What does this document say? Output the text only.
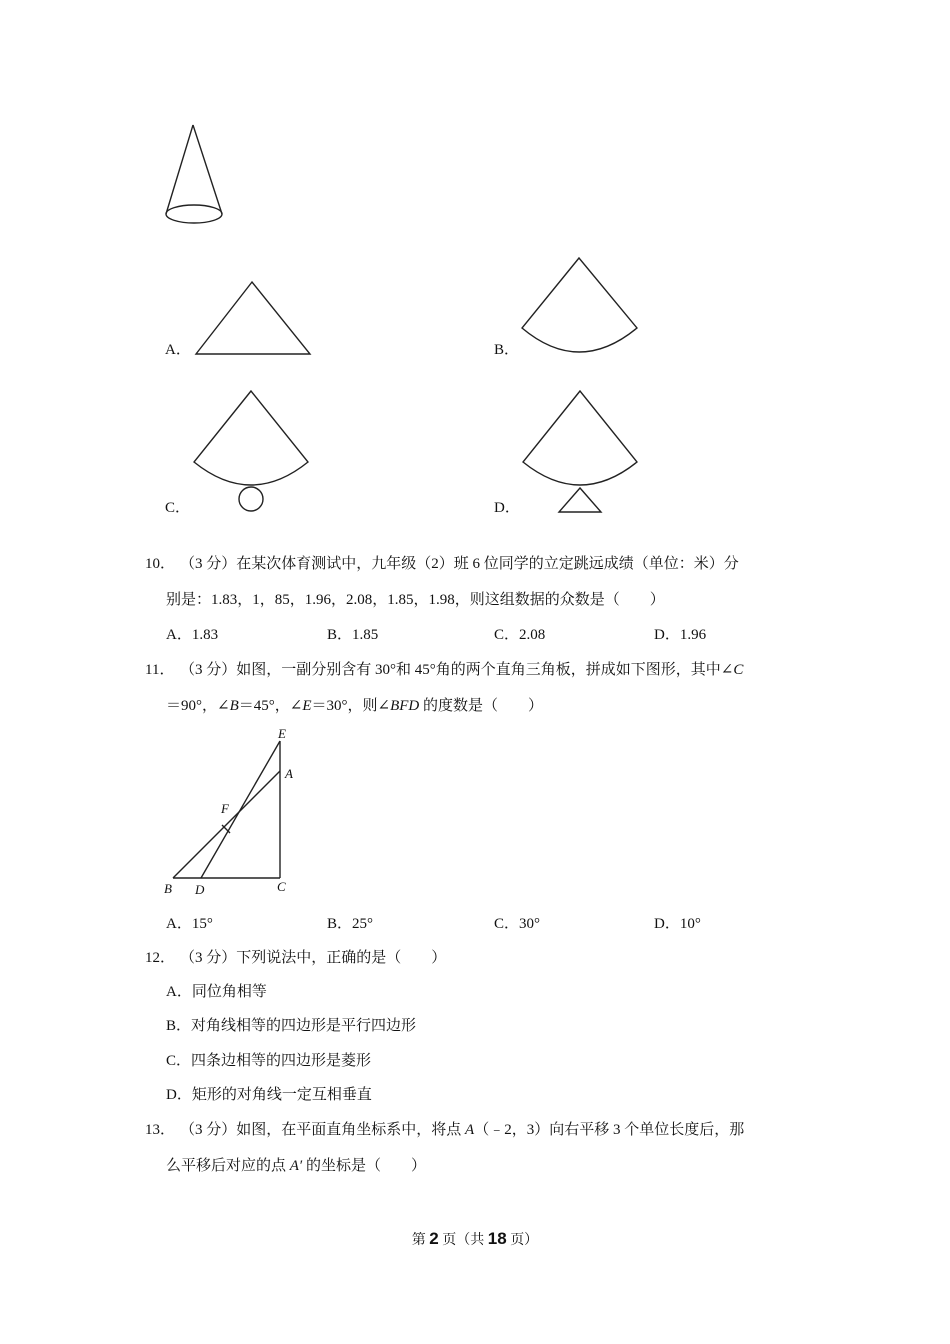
A．	B．
C．	D．
10． （3 分）在某次体育测试中，九年级（2）班 6 位同学的立定跳远成绩（单位：米）分
别是：1.83，1，85，1.96，2.08，1.85，1.98，则这组数据的众数是（　　）
A．1.83	B．1.85	C．2.08	D．1.96
11． （3 分）如图，一副分别含有 30°和 45°角的两个直角三角板，拼成如下图形，其中∠C
＝90°，∠B＝45°，∠E＝30°，则∠BFD 的度数是（　　）
E
A
F
B D	C
A．15°	B．25°	C．30°	D．10°
12． （3 分）下列说法中，正确的是（　　）
A．同位角相等
B．对角线相等的四边形是平行四边形
C．四条边相等的四边形是菱形
D．矩形的对角线一定互相垂直
13． （3 分）如图，在平面直角坐标系中，将点 A（﹣2，3）向右平移 3 个单位长度后，那
么平移后对应的点 A′ 的坐标是（　　）
第 2 页（共 18 页）
